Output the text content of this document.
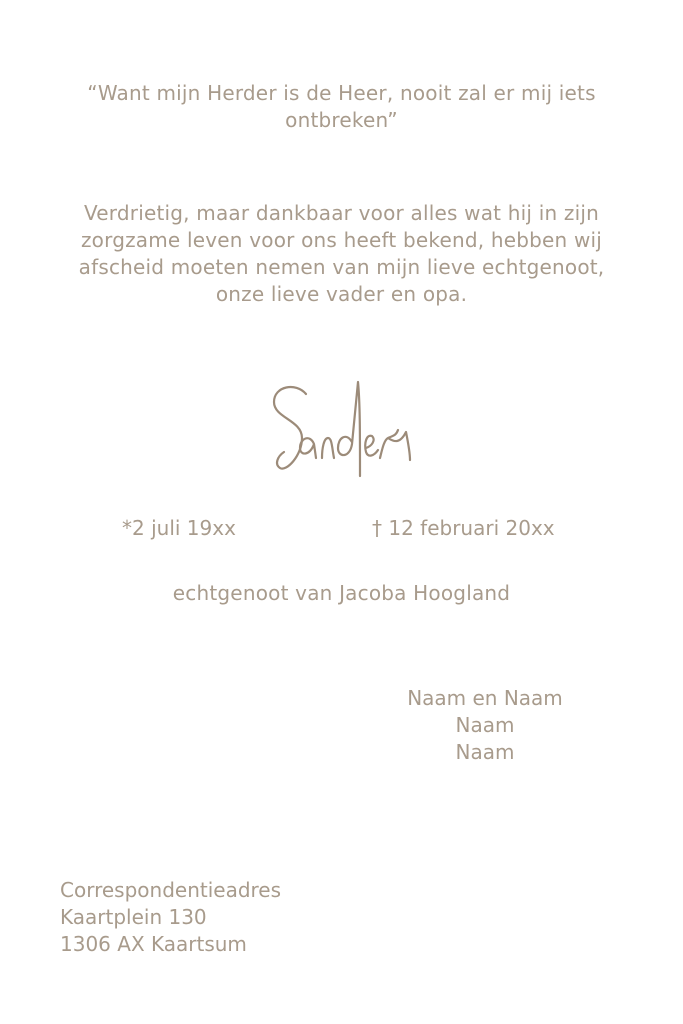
“Want mijn Herder is de Heer, nooit zal er mij iets ontbreken”
Verdrietig, maar dankbaar voor alles wat hij in zijn zorgzame leven voor ons heeft bekend, hebben wij afscheid moeten nemen van mijn lieve echtgenoot, onze lieve vader en opa.
*2 juli 19xx	† 12 februari 20xx
echtgenoot van Jacoba Hoogland
Naam en Naam
Naam
Naam
Correspondentieadres
Kaartplein 130
1306 AX Kaartsum
